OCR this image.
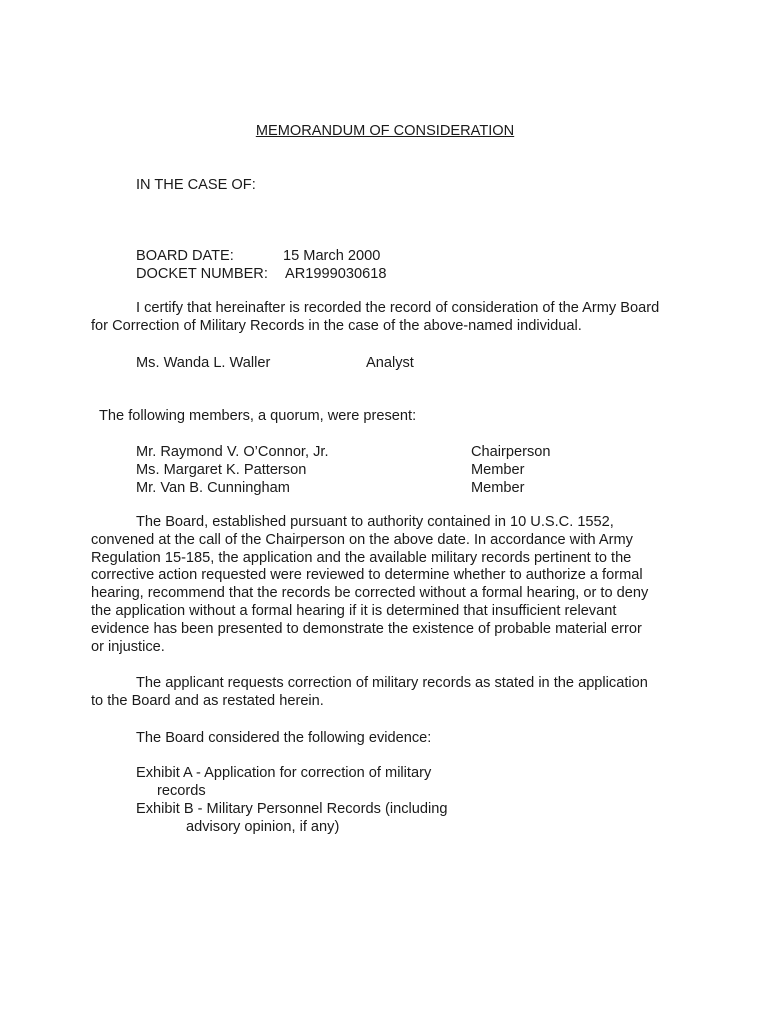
MEMORANDUM OF CONSIDERATION
IN THE CASE OF:
BOARD DATE:	15 March 2000
DOCKET NUMBER: AR1999030618
I certify that hereinafter is recorded the record of consideration of the Army Board
for Correction of Military Records in the case of the above-named individual.
Ms. Wanda L. Waller	Analyst
The following members, a quorum, were present:
Mr. Raymond V. O’Connor, Jr.	Chairperson
Ms. Margaret K. Patterson	Member
Mr. Van B. Cunningham	Member
The Board, established pursuant to authority contained in 10 U.S.C. 1552,
convened at the call of the Chairperson on the above date. In accordance with Army
Regulation 15-185, the application and the available military records pertinent to the
corrective action requested were reviewed to determine whether to authorize a formal
hearing, recommend that the records be corrected without a formal hearing, or to deny
the application without a formal hearing if it is determined that insufficient relevant
evidence has been presented to demonstrate the existence of probable material error
or injustice.
The applicant requests correction of military records as stated in the application
to the Board and as restated herein.
The Board considered the following evidence:
Exhibit A - Application for correction of military
records
Exhibit B - Military Personnel Records (including
advisory opinion, if any)
